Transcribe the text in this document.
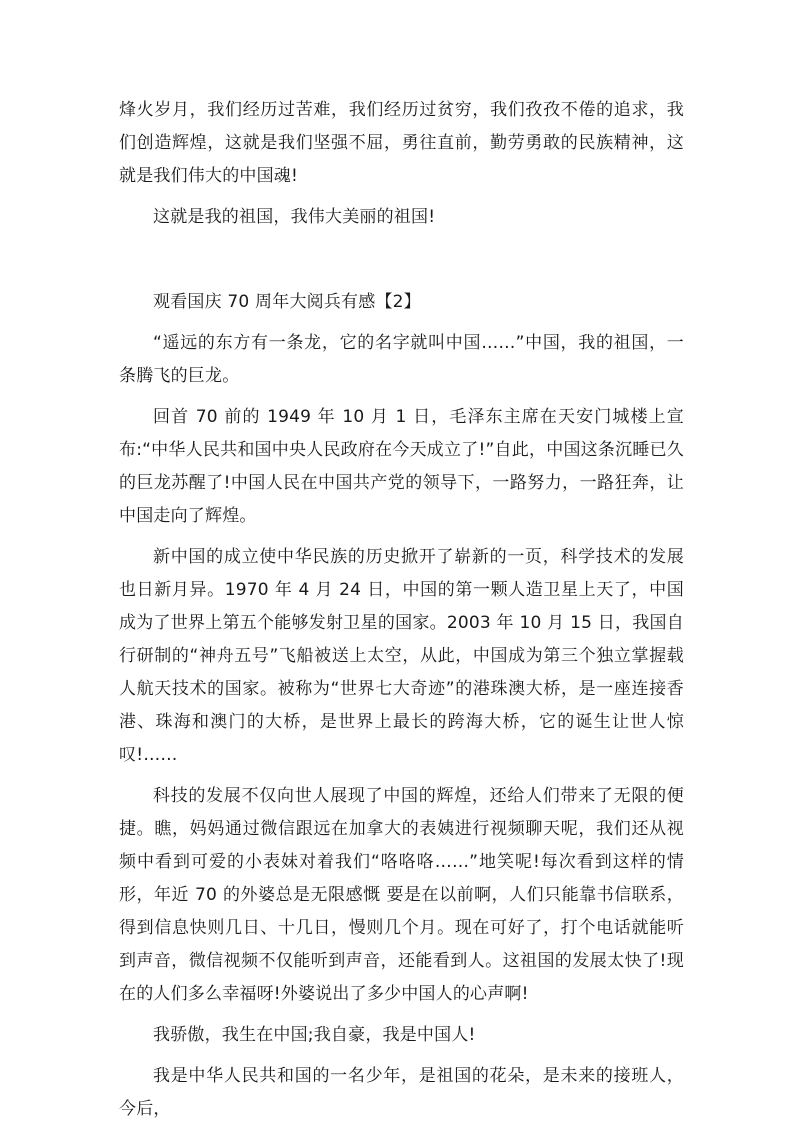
烽火岁月，我们经历过苦难，我们经历过贫穷，我们孜孜不倦的追求，我们创造辉煌，这就是我们坚强不屈，勇往直前，勤劳勇敢的民族精神，这就是我们伟大的中国魂!

这就是我的祖国，我伟大美丽的祖国!

观看国庆 70 周年大阅兵有感【2】

“遥远的东方有一条龙，它的名字就叫中国……”中国，我的祖国，一条腾飞的巨龙。

回首 70 前的 1949 年 10 月 1 日，毛泽东主席在天安门城楼上宣布:“中华人民共和国中央人民政府在今天成立了!”自此，中国这条沉睡已久的巨龙苏醒了!中国人民在中国共产党的领导下，一路努力，一路狂奔，让中国走向了辉煌。

新中国的成立使中华民族的历史掀开了崭新的一页，科学技术的发展也日新月异。1970 年 4 月 24 日，中国的第一颗人造卫星上天了，中国成为了世界上第五个能够发射卫星的国家。2003 年 10 月 15 日，我国自行研制的“神舟五号”飞船被送上太空，从此，中国成为第三个独立掌握载人航天技术的国家。被称为“世界七大奇迹”的港珠澳大桥，是一座连接香港、珠海和澳门的大桥，是世界上最长的跨海大桥，它的诞生让世人惊叹!……

科技的发展不仅向世人展现了中国的辉煌，还给人们带来了无限的便捷。瞧，妈妈通过微信跟远在加拿大的表姨进行视频聊天呢，我们还从视频中看到可爱的小表妹对着我们“咯咯咯……”地笑呢!每次看到这样的情形，年近 70 的外婆总是无限感慨 要是在以前啊，人们只能靠书信联系，得到信息快则几日、十几日，慢则几个月。现在可好了，打个电话就能听到声音，微信视频不仅能听到声音，还能看到人。这祖国的发展太快了!现在的人们多么幸福呀!外婆说出了多少中国人的心声啊!

我骄傲，我生在中国;我自豪，我是中国人!

我是中华人民共和国的一名少年，是祖国的花朵，是未来的接班人，今后，
